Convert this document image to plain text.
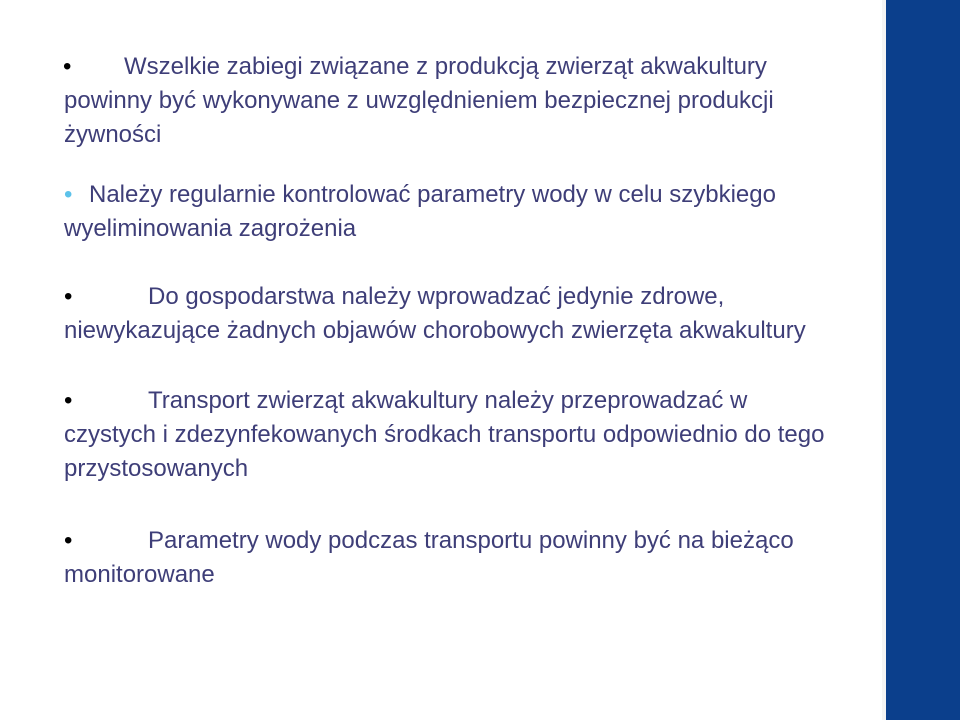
•	Wszelkie zabiegi związane z produkcją zwierząt akwakultury powinny być wykonywane z uwzględnieniem bezpiecznej produkcji żywności
• Należy regularnie kontrolować parametry wody w celu szybkiego wyeliminowania zagrożenia
•	Do gospodarstwa należy wprowadzać jedynie zdrowe, niewykazujące żadnych objawów chorobowych zwierzęta akwakultury
•	Transport zwierząt akwakultury należy przeprowadzać w czystych i zdezynfekowanych środkach transportu odpowiednio do tego przystosowanych
•	Parametry wody podczas transportu powinny być na bieżąco monitorowane
